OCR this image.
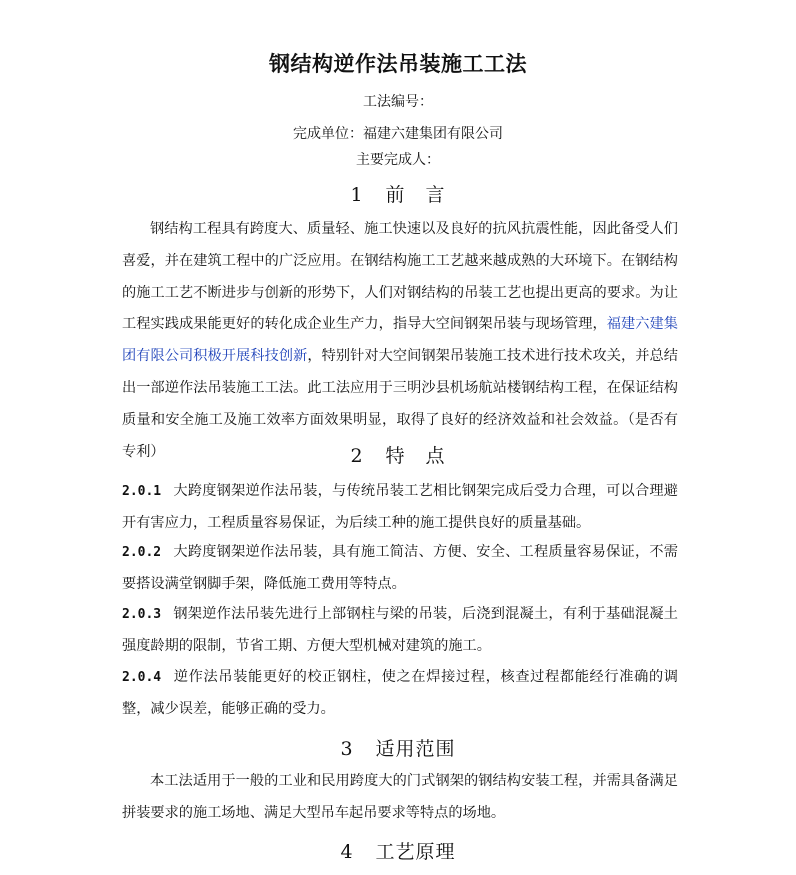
钢结构逆作法吊装施工工法
工法编号：
完成单位：福建六建集团有限公司
主要完成人：
1 前　言
钢结构工程具有跨度大、质量轻、施工快速以及良好的抗风抗震性能，因此备受人们喜爱，并在建筑工程中的广泛应用。在钢结构施工工艺越来越成熟的大环境下。在钢结构的施工工艺不断进步与创新的形势下，人们对钢结构的吊装工艺也提出更高的要求。为让工程实践成果能更好的转化成企业生产力，指导大空间钢架吊装与现场管理，福建六建集团有限公司积极开展科技创新，特别针对大空间钢架吊装施工技术进行技术攻关，并总结出一部逆作法吊装施工工法。此工法应用于三明沙县机场航站楼钢结构工程，在保证结构质量和安全施工及施工效率方面效果明显，取得了良好的经济效益和社会效益。（是否有专利）	2 特　点
2.0.1 大跨度钢架逆作法吊装，与传统吊装工艺相比钢架完成后受力合理，可以合理避开有害应力，工程质量容易保证，为后续工种的施工提供良好的质量基础。
2.0.2 大跨度钢架逆作法吊装，具有施工简洁、方便、安全、工程质量容易保证，不需要搭设满堂钢脚手架，降低施工费用等特点。
2.0.3 钢架逆作法吊装先进行上部钢柱与梁的吊装，后浇到混凝土，有利于基础混凝土强度龄期的限制，节省工期、方便大型机械对建筑的施工。
2.0.4 逆作法吊装能更好的校正钢柱，使之在焊接过程，核查过程都能经行准确的调整，减少误差，能够正确的受力。
3 适用范围
本工法适用于一般的工业和民用跨度大的门式钢架的钢结构安装工程，并需具备满足拼装要求的施工场地、满足大型吊车起吊要求等特点的场地。
4 工艺原理
